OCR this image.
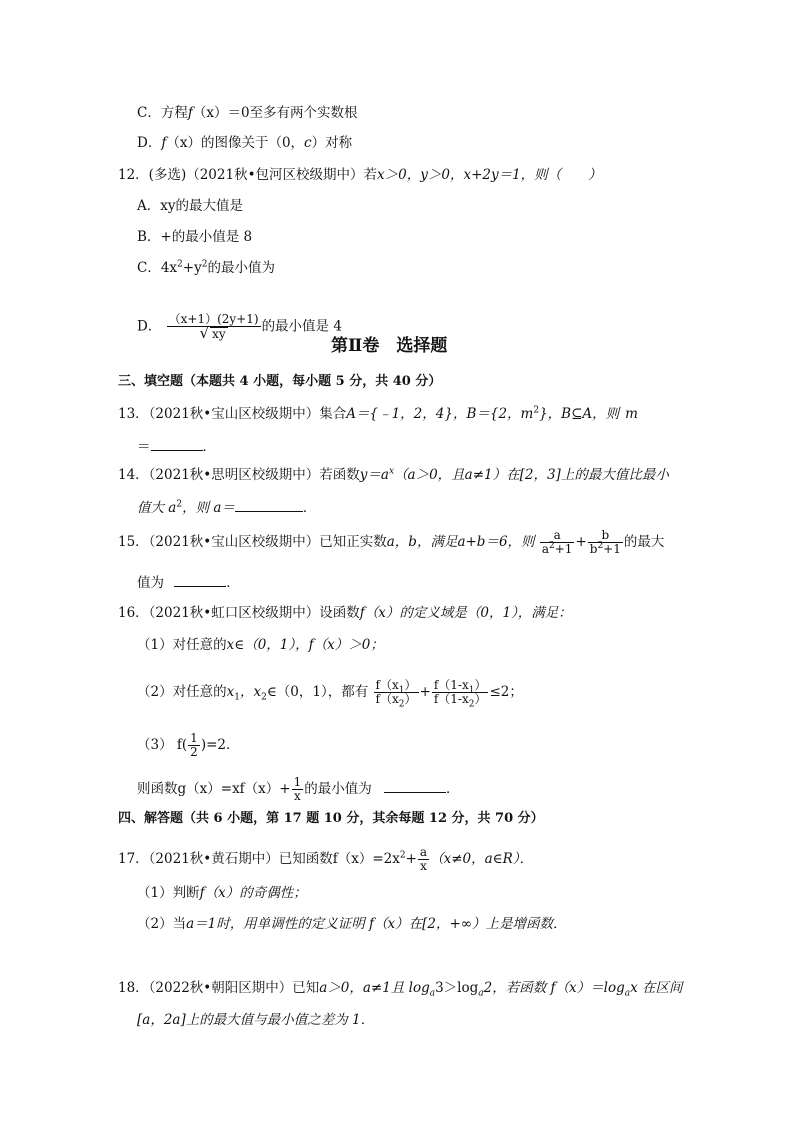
C．方程f（x）＝0至多有两个实数根
D．f（x）的图像关于（0，c）对称
12．(多选)（2021秋•包河区校级期中）若x＞0，y＞0，x+2y＝1，则（　　）
A．xy的最大值是
B．+的最小值是 8
C．$4x^2+y^2$的最小值为
D． $\frac{(x+1)(2y+1)}{√ xy}$ 的最小值是 4
第Ⅱ卷　选择题
三、填空题（本题共 4 小题，每小题 5 分，共 40 分）
13．（2021秋•宝山区校级期中）集合A＝{﹣1，2，4}，B＝{2，$m^2$}，B⊆A，则 m
＝	．
14．（2021秋•思明区校级期中）若函数$y=a^x(a>0$，且a≠1）在[2，3]上的最大值比最小
值大 $a^2$，则 a＝	．
15．（2021秋•宝山区校级期中）已知正实数a，b，满足a+b＝6，则 $\frac{a}{a^2+1} + \frac{b}{b^2+1}$ 的最大
值为	．
16．（2021秋•虹口区校级期中）设函数f（x）的定义域是（0，1），满足：
（1）对任意的x∈（0，1），f（x）＞0；
（2）对任意的$x_1$，$x_2\in(0$，1），都有 $\frac{f(x_1)}{f(x_2)} + \frac{f(1-x_1)}{f(1-x_2)} \le 2$；
（3） $f( \frac{1}{2} )=2$．
则函数$g(x)=xf(x)+ \frac{1}{x}$ 的最小值为	．
四、解答题（共 6 小题，第 17 题 10 分，其余每题 12 分，共 70 分）
17．（2021秋•黄石期中）已知函数$f(x)=2x^2+ \frac{a}{x} (x\ne 0$，a∈R）．
（1）判断f（x）的奇偶性；
（2）当a＝1时，用单调性的定义证明 f（x）在[2，+∞）上是增函数．
18．（2022秋•朝阳区期中）已知a＞0，a≠1且 $\log_a3>\log_a2$，若函数 $f(x)=\log_ax$ 在区间
[a，2a]上的最大值与最小值之差为 1．
